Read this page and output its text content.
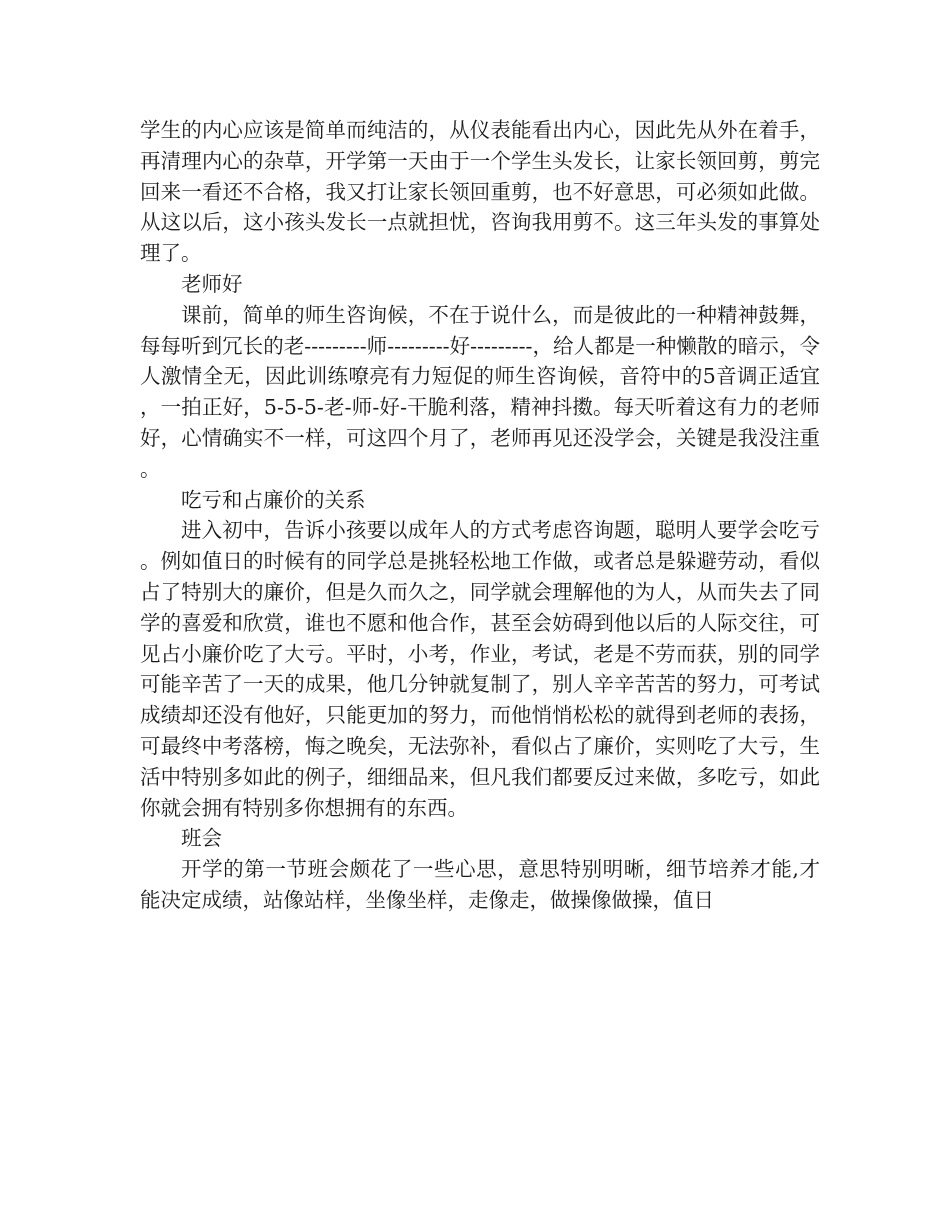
学生的内心应该是简单而纯洁的，从仪表能看出内心，因此先从外在着手，再清理内心的杂草，开学第一天由于一个学生头发长，让家长领回剪，剪完回来一看还不合格，我又打让家长领回重剪，也不好意思，可必须如此做。从这以后，这小孩头发长一点就担忧，咨询我用剪不。这三年头发的事算处理了。

老师好

课前，简单的师生咨询候，不在于说什么，而是彼此的一种精神鼓舞，每每听到冗长的老---------师---------好---------，给人都是一种懒散的暗示，令人激情全无，因此训练嘹亮有力短促的师生咨询候，音符中的5音调正适宜，一拍正好，5-5-5-老-师-好-干脆利落，精神抖擞。每天听着这有力的老师好，心情确实不一样，可这四个月了，老师再见还没学会，关键是我没注重。

吃亏和占廉价的关系

进入初中，告诉小孩要以成年人的方式考虑咨询题，聪明人要学会吃亏。例如值日的时候有的同学总是挑轻松地工作做，或者总是躲避劳动，看似占了特别大的廉价，但是久而久之，同学就会理解他的为人，从而失去了同学的喜爱和欣赏，谁也不愿和他合作，甚至会妨碍到他以后的人际交往，可见占小廉价吃了大亏。平时，小考，作业，考试，老是不劳而获，别的同学可能辛苦了一天的成果，他几分钟就复制了，别人辛辛苦苦的努力，可考试成绩却还没有他好，只能更加的努力，而他悄悄松松的就得到老师的表扬，可最终中考落榜，悔之晚矣，无法弥补，看似占了廉价，实则吃了大亏，生活中特别多如此的例子，细细品来，但凡我们都要反过来做，多吃亏，如此你就会拥有特别多你想拥有的东西。

班会

开学的第一节班会颇花了一些心思，意思特别明晰，细节培养才能,才能决定成绩，站像站样，坐像坐样，走像走，做操像做操，值日
